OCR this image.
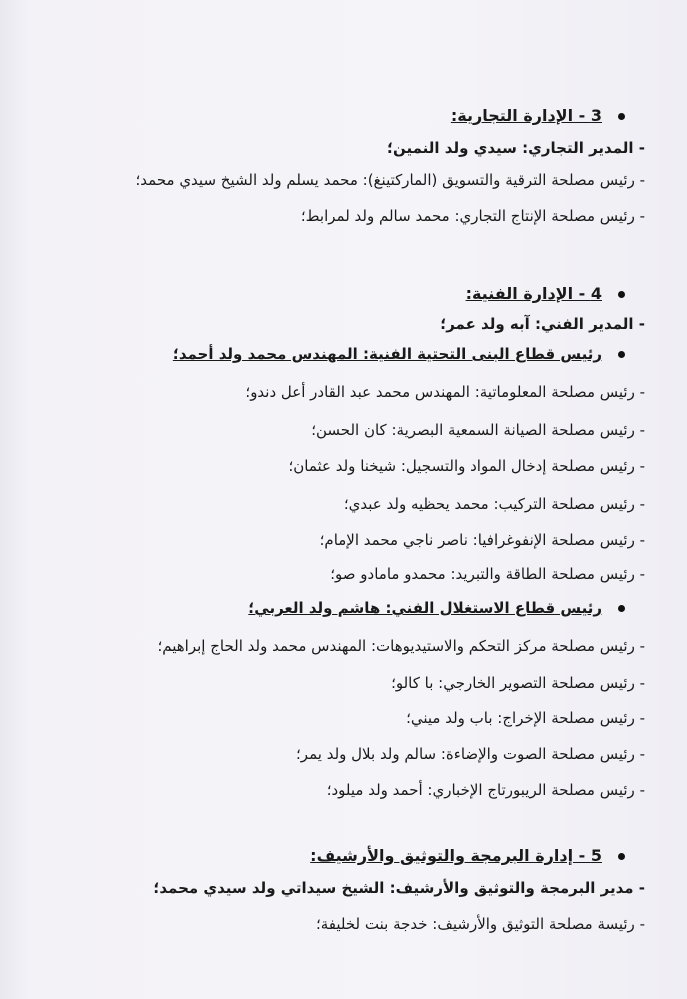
3 - الإدارة التجارية:
- المدير التجاري: سيدي ولد النمين؛
- رئيس مصلحة الترقية والتسويق (الماركتينغ): محمد يسلم ولد الشيخ سيدي محمد؛
- رئيس مصلحة الإنتاج التجاري: محمد سالم ولد لمرابط؛
4 - الإدارة الفنية:
- المدير الفني: آبه ولد عمر؛
رئيس قطاع البنى التحتية الفنية: المهندس محمد ولد أحمد؛
- رئيس مصلحة المعلوماتية: المهندس محمد عبد القادر أعل دندو؛
- رئيس مصلحة الصيانة السمعية البصرية: كان الحسن؛
- رئيس مصلحة إدخال المواد والتسجيل: شيخنا ولد عثمان؛
- رئيس مصلحة التركيب: محمد يحظيه ولد عبدي؛
- رئيس مصلحة الإنفوغرافيا: ناصر ناجي محمد الإمام؛
- رئيس مصلحة الطاقة والتبريد: محمدو مامادو صو؛
رئيس قطاع الاستغلال الفني: هاشم ولد العربي؛
- رئيس مصلحة مركز التحكم والاستيديوهات: المهندس محمد ولد الحاج إبراهيم؛
- رئيس مصلحة التصوير الخارجي: با كالو؛
- رئيس مصلحة الإخراج: باب ولد ميني؛
- رئيس مصلحة الصوت والإضاءة: سالم ولد بلال ولد يمر؛
- رئيس مصلحة الريبورتاج الإخباري: أحمد ولد ميلود؛
5 - إدارة البرمجة والتوثيق والأرشيف:
- مدير البرمجة والتوثيق والأرشيف: الشيخ سيداتي ولد سيدي محمد؛
- رئيسة مصلحة التوثيق والأرشيف: خدجة بنت لخليفة؛
